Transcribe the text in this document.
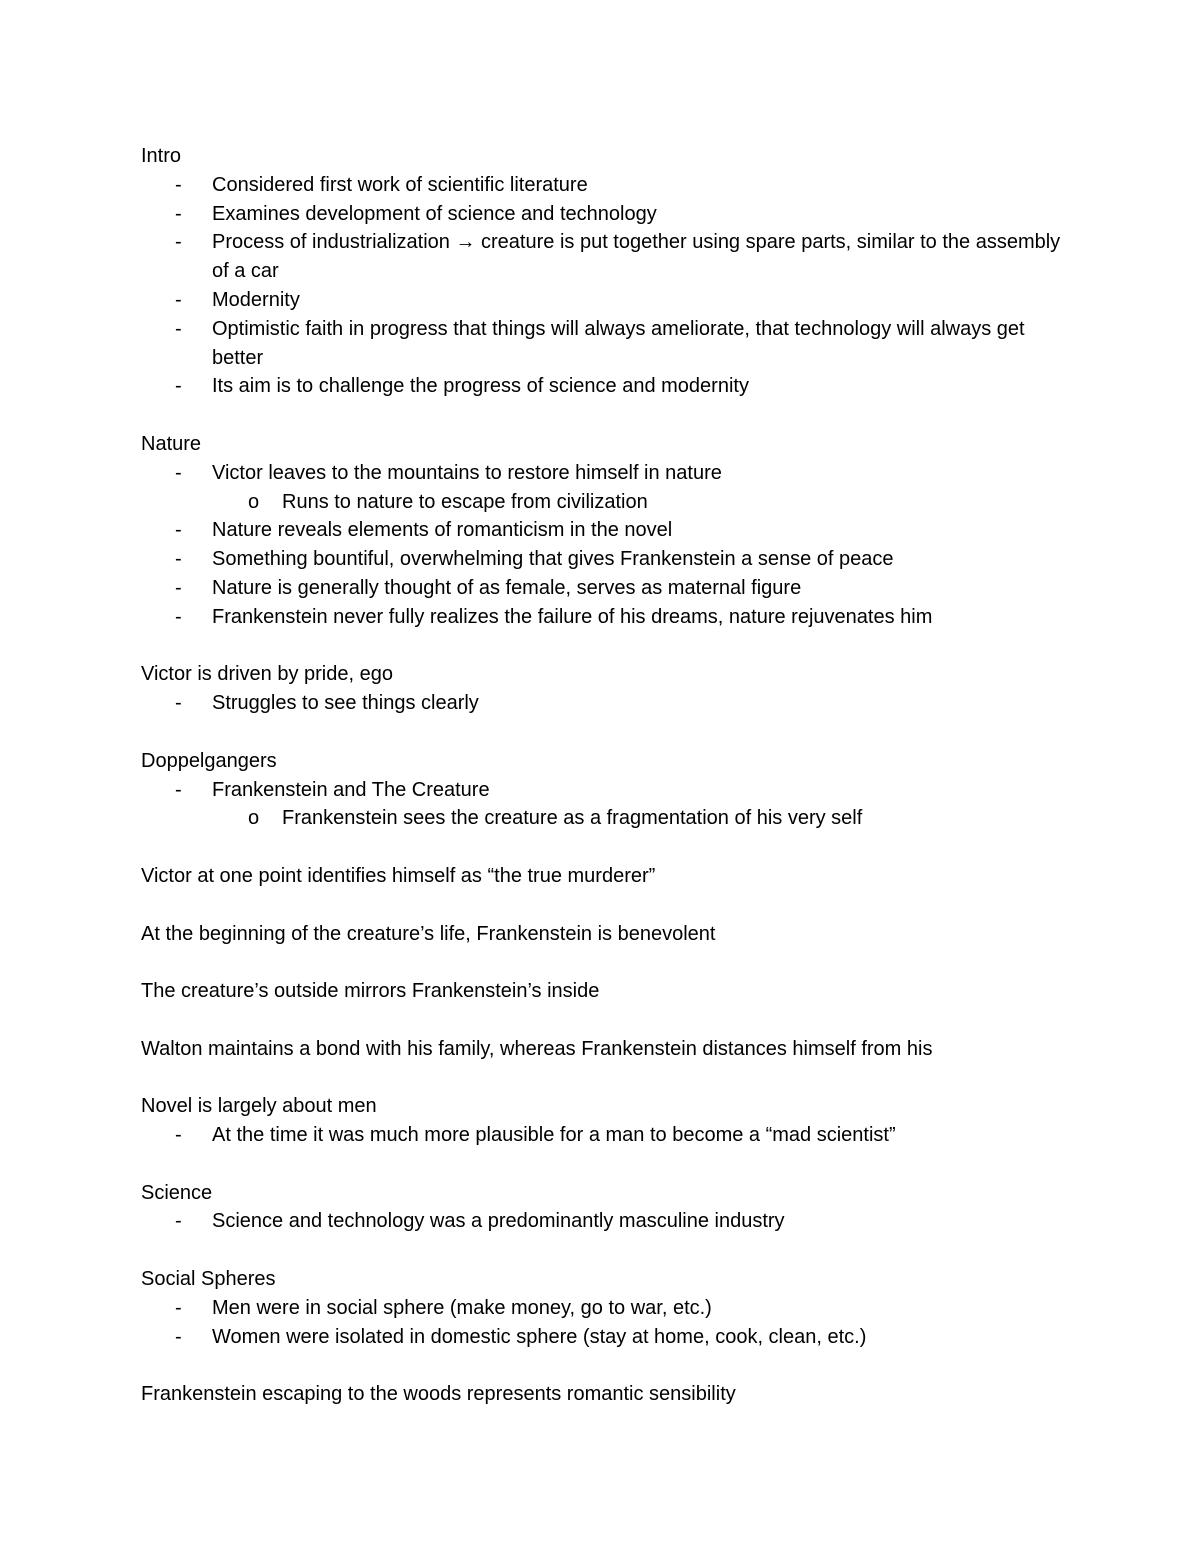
Intro

- Considered first work of scientific literature
- Examines development of science and technology
- Process of industrialization → creature is put together using spare parts, similar to the assembly of a car
- Modernity
- Optimistic faith in progress that things will always ameliorate, that technology will always get better
- Its aim is to challenge the progress of science and modernity

Nature

- Victor leaves to the mountains to restore himself in nature
o Runs to nature to escape from civilization
- Nature reveals elements of romanticism in the novel
- Something bountiful, overwhelming that gives Frankenstein a sense of peace
- Nature is generally thought of as female, serves as maternal figure
- Frankenstein never fully realizes the failure of his dreams, nature rejuvenates him

Victor is driven by pride, ego

- Struggles to see things clearly

Doppelgangers

- Frankenstein and The Creature
o Frankenstein sees the creature as a fragmentation of his very self

Victor at one point identifies himself as “the true murderer”

At the beginning of the creature’s life, Frankenstein is benevolent

The creature’s outside mirrors Frankenstein’s inside

Walton maintains a bond with his family, whereas Frankenstein distances himself from his

Novel is largely about men

- At the time it was much more plausible for a man to become a “mad scientist”

Science

- Science and technology was a predominantly masculine industry

Social Spheres

- Men were in social sphere (make money, go to war, etc.)
- Women were isolated in domestic sphere (stay at home, cook, clean, etc.)

Frankenstein escaping to the woods represents romantic sensibility
